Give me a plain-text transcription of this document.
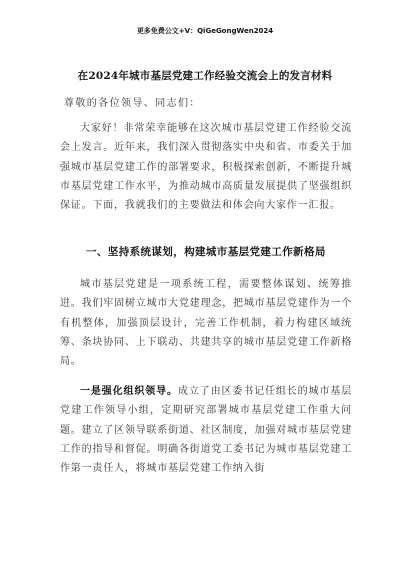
更多免费公文+V：QiGeGongWen2024
在2024年城市基层党建工作经验交流会上的发言材料
尊敬的各位领导、同志们：

大家好！非常荣幸能够在这次城市基层党建工作经验交流会上发言。近年来，我们深入贯彻落实中央和省、市委关于加强城市基层党建工作的部署要求，积极探索创新，不断提升城市基层党建工作水平，为推动城市高质量发展提供了坚强组织保证。下面，我就我们的主要做法和体会向大家作一汇报。

一、坚持系统谋划，构建城市基层党建工作新格局

城市基层党建是一项系统工程，需要整体谋划、统筹推进。我们牢固树立城市大党建理念，把城市基层党建作为一个有机整体，加强顶层设计，完善工作机制，着力构建区域统筹、条块协同、上下联动、共建共享的城市基层党建工作新格局。

一是强化组织领导。成立了由区委书记任组长的城市基层党建工作领导小组，定期研究部署城市基层党建工作重大问题。建立了区领导联系街道、社区制度，加强对城市基层党建工作的指导和督促。明确各街道党工委书记为城市基层党建工作第一责任人，将城市基层党建工作纳入街
